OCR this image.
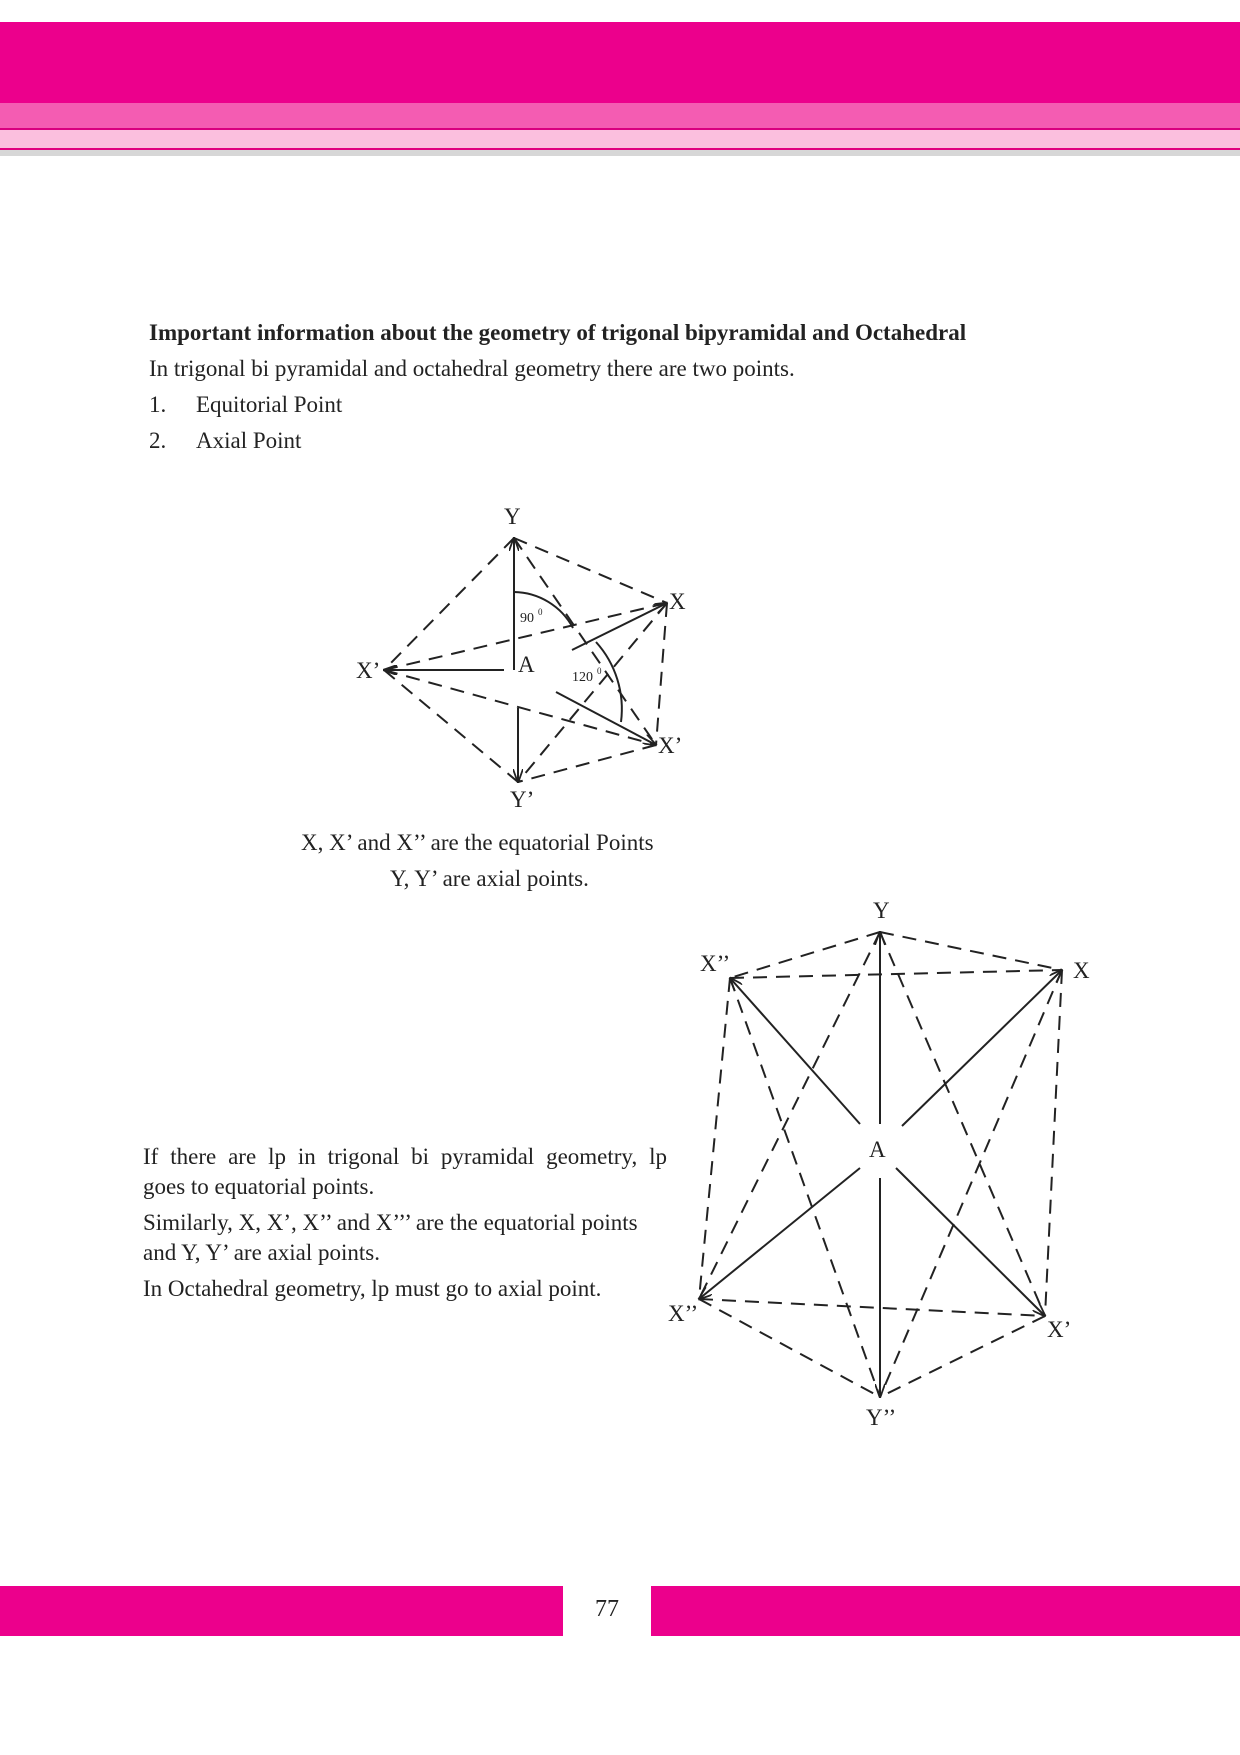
Important information about the geometry of trigonal bipyramidal and Octahedral
In trigonal bi pyramidal and octahedral geometry there are two points.
1. Equitorial Point
2. Axial Point
Y
X
X’	A
X’
Y’
90 0
120 0
X, X’ and X’’ are the equatorial Points
Y, Y’ are axial points.
Y
X’’	X
A
X’’
X’
Y’’
If there are lp in trigonal bi pyramidal geometry, lp
goes to equatorial points.
Similarly, X, X’, X’’ and X’’’ are the equatorial points
and Y, Y’ are axial points.
In Octahedral geometry, lp must go to axial point.
77
